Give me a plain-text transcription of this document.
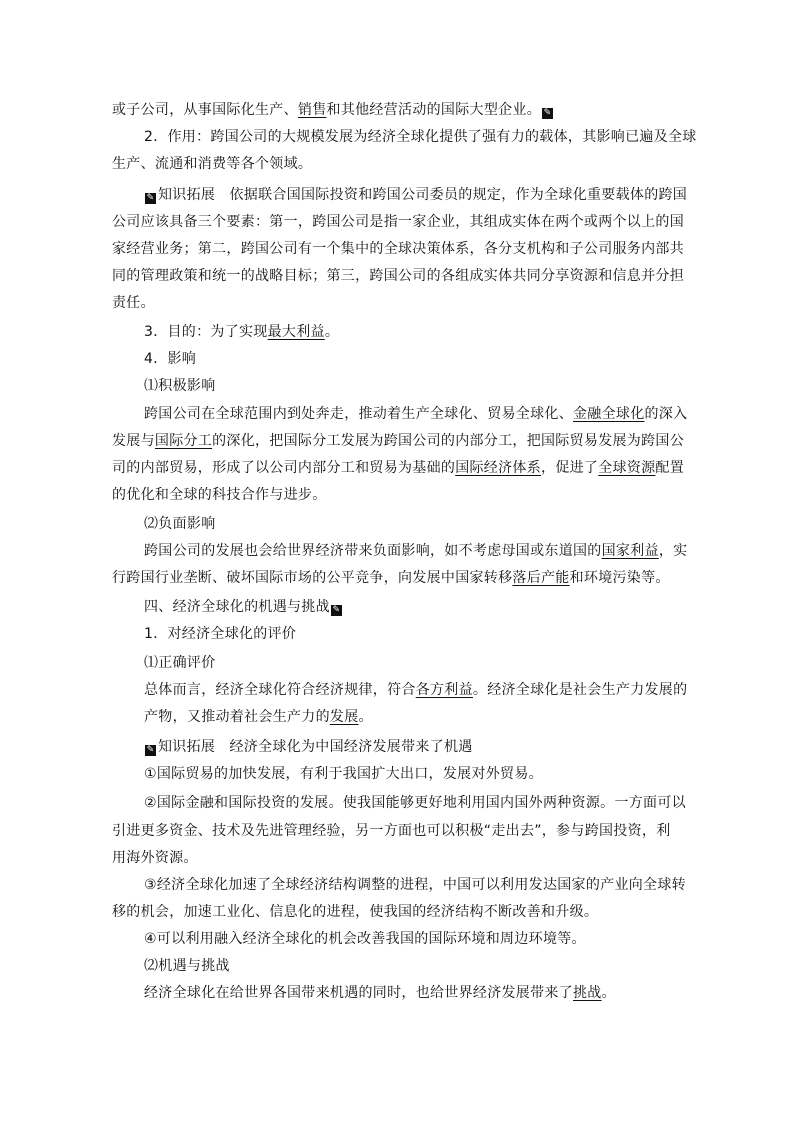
或子公司，从事国际化生产、销售和其他经营活动的国际大型企业。 ✎
2．作用：跨国公司的大规模发展为经济全球化提供了强有力的载体，其影响已遍及全球
生产、流通和消费等各个领域。
✎ 知识拓展　依据联合国国际投资和跨国公司委员的规定，作为全球化重要载体的跨国
公司应该具备三个要素：第一，跨国公司是指一家企业，其组成实体在两个或两个以上的国
家经营业务；第二，跨国公司有一个集中的全球决策体系，各分支机构和子公司服务内部共
同的管理政策和统一的战略目标；第三，跨国公司的各组成实体共同分享资源和信息并分担
责任。
3．目的：为了实现最大利益。
4．影响
⑴积极影响
跨国公司在全球范围内到处奔走，推动着生产全球化、贸易全球化、金融全球化的深入
发展与国际分工的深化，把国际分工发展为跨国公司的内部分工，把国际贸易发展为跨国公
司的内部贸易，形成了以公司内部分工和贸易为基础的国际经济体系，促进了全球资源配置
的优化和全球的科技合作与进步。
⑵负面影响
跨国公司的发展也会给世界经济带来负面影响，如不考虑母国或东道国的国家利益，实
行跨国行业垄断、破坏国际市场的公平竞争，向发展中国家转移落后产能和环境污染等。
四、经济全球化的机遇与挑战 ✎
1．对经济全球化的评价
⑴正确评价
总体而言，经济全球化符合经济规律，符合各方利益。经济全球化是社会生产力发展的
产物，又推动着社会生产力的发展。
✎ 知识拓展　经济全球化为中国经济发展带来了机遇
①国际贸易的加快发展，有利于我国扩大出口，发展对外贸易。
②国际金融和国际投资的发展。使我国能够更好地利用国内国外两种资源。一方面可以
引进更多资金、技术及先进管理经验，另一方面也可以积极“走出去”，参与跨国投资，利
用海外资源。
③经济全球化加速了全球经济结构调整的进程，中国可以利用发达国家的产业向全球转
移的机会，加速工业化、信息化的进程，使我国的经济结构不断改善和升级。
④可以利用融入经济全球化的机会改善我国的国际环境和周边环境等。
⑵机遇与挑战
经济全球化在给世界各国带来机遇的同时，也给世界经济发展带来了挑战。
